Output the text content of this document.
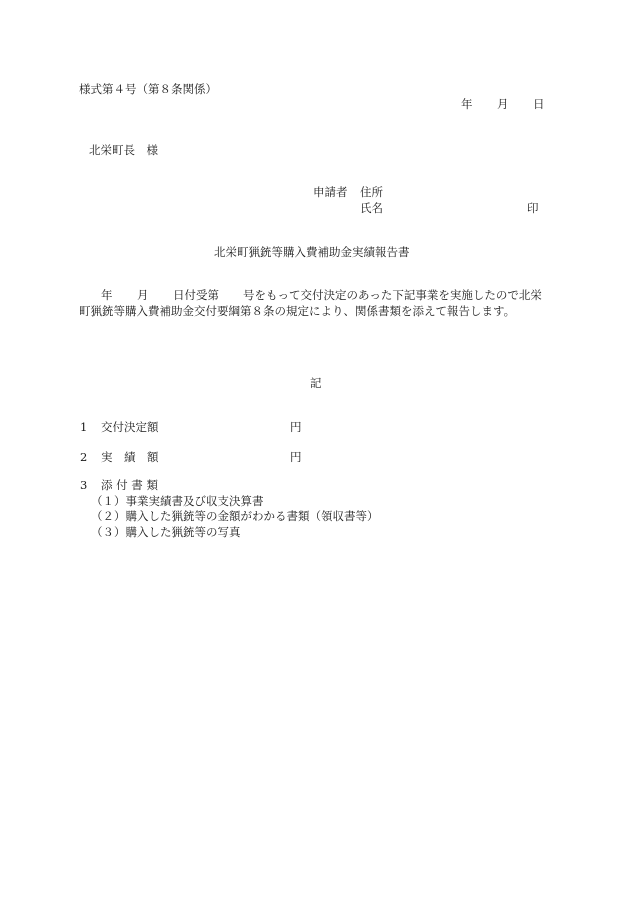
様式第４号（第８条関係）
年 月 日
北栄町長　様
申請者 住所
氏名	印
北栄町猟銃等購入費補助金実績報告書
年 月 日付受第 号をもって交付決定のあった下記事業を実施したので北栄
町猟銃等購入費補助金交付要綱第８条の規定により、関係書類を添えて報告します。
記
1 交付決定額	円
2 実　績　額	円
3 添 付 書 類
（１）事業実績書及び収支決算書
（２）購入した猟銃等の金額がわかる書類（領収書等）
（３）購入した猟銃等の写真
